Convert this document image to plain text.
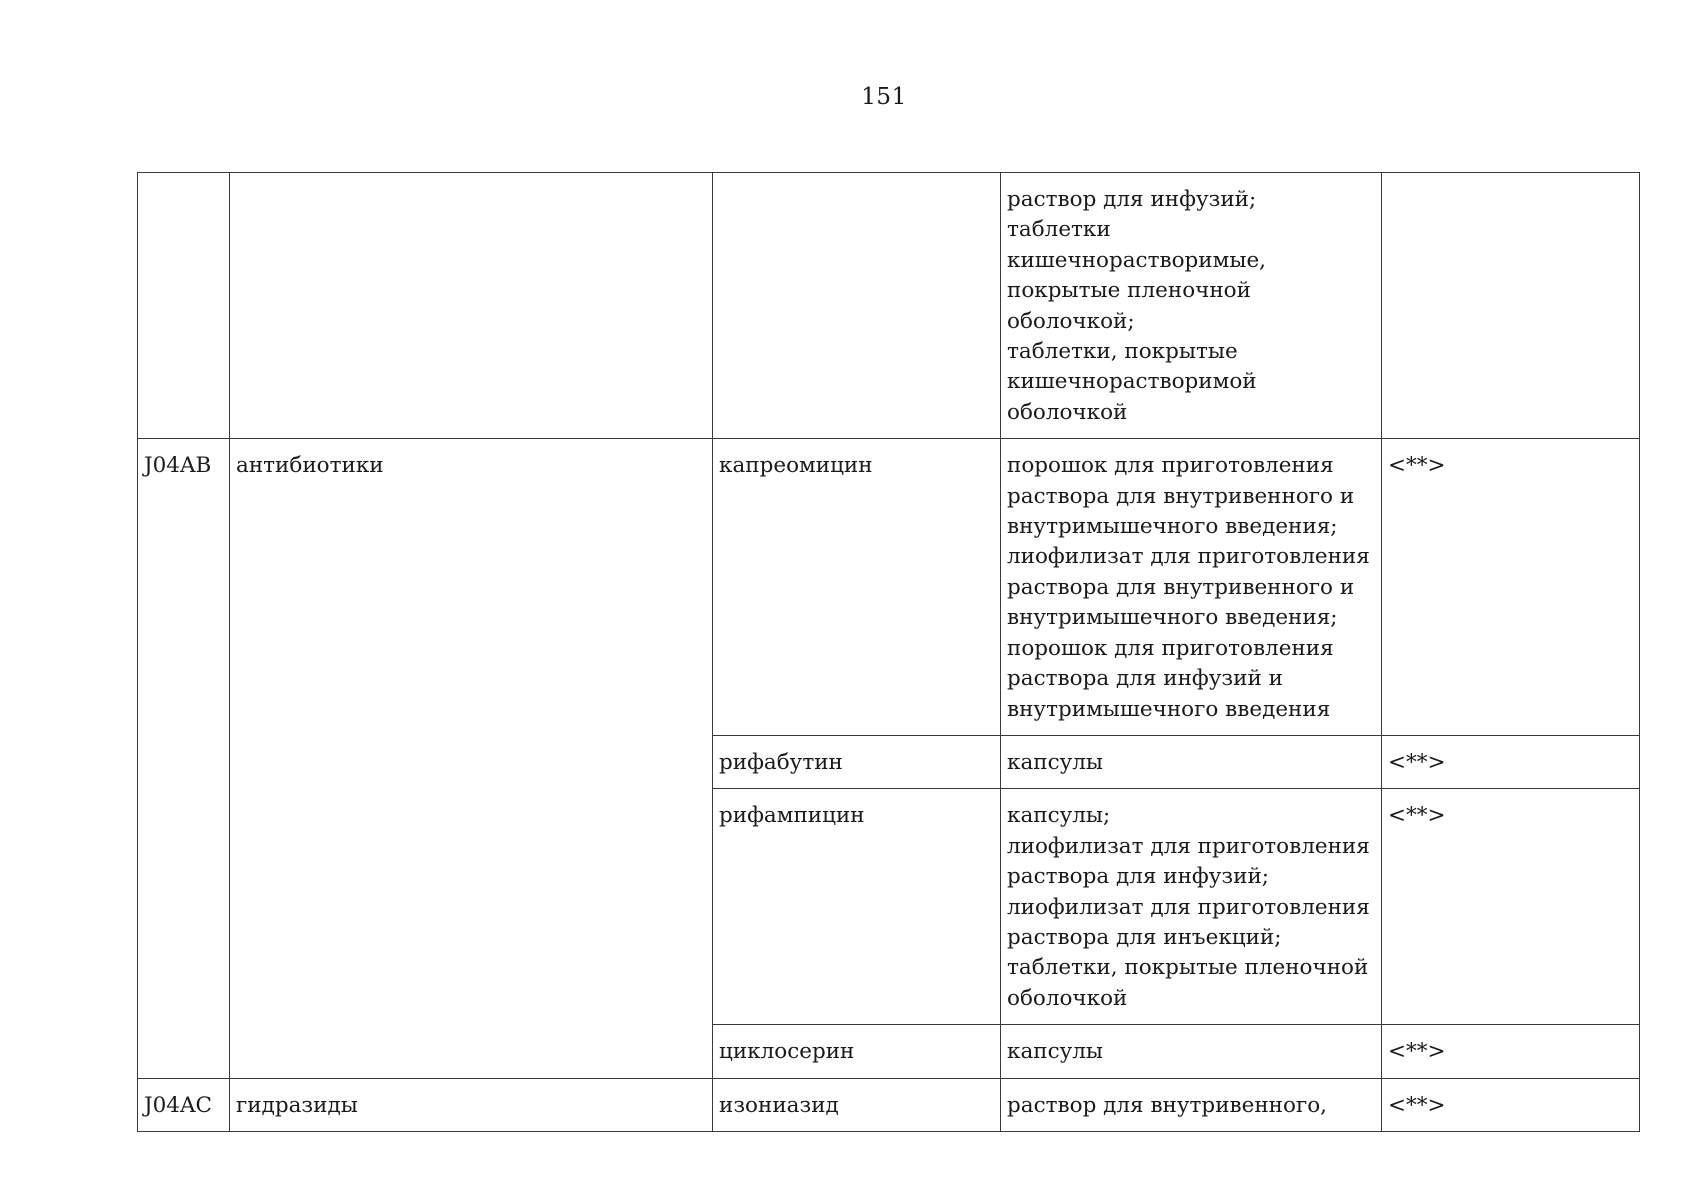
151
			раствор для инфузий;
таблетки кишечнорастворимые, покрытые пленочной оболочкой;
таблетки, покрытые кишечнорастворимой оболочкой	
J04AB	антибиотики	капреомицин	порошок для приготовления раствора для внутривенного и внутримышечного введения;
лиофилизат для приготовления раствора для внутривенного и внутримышечного введения;
порошок для приготовления раствора для инфузий и внутримышечного введения	<**>
		рифабутин	капсулы	<**>
		рифампицин	капсулы;
лиофилизат для приготовления раствора для инфузий;
лиофилизат для приготовления раствора для инъекций;
таблетки, покрытые пленочной оболочкой	<**>
		циклосерин	капсулы	<**>
J04AC	гидразиды	изониазид	раствор для внутривенного,	<**>
